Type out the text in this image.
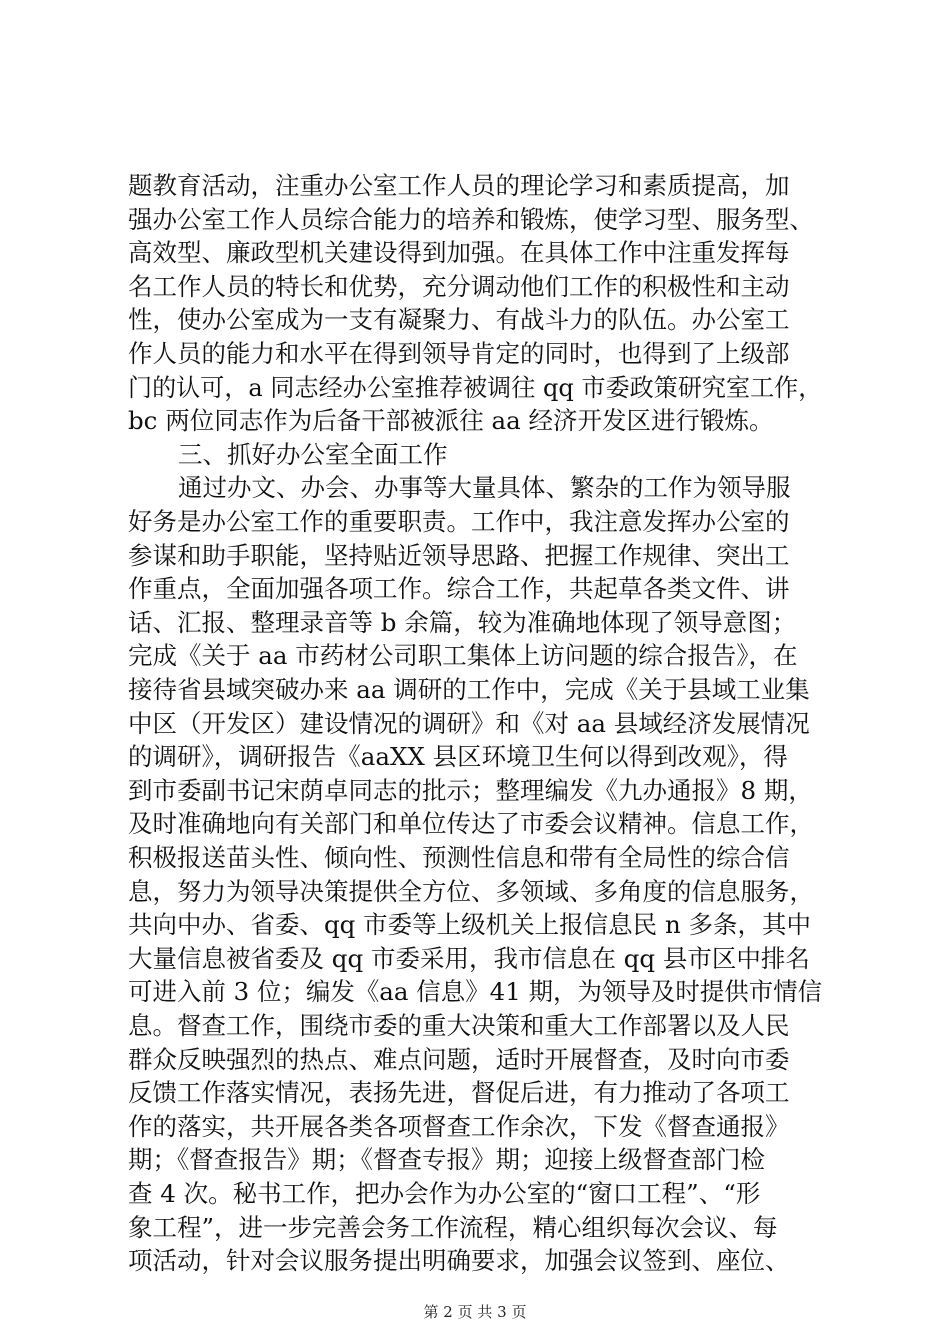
题教育活动，注重办公室工作人员的理论学习和素质提高，加
强办公室工作人员综合能力的培养和锻炼，使学习型、服务型、
高效型、廉政型机关建设得到加强。在具体工作中注重发挥每
名工作人员的特长和优势，充分调动他们工作的积极性和主动
性，使办公室成为一支有凝聚力、有战斗力的队伍。办公室工
作人员的能力和水平在得到领导肯定的同时，也得到了上级部
门的认可，a 同志经办公室推荐被调往 qq 市委政策研究室工作，
bc 两位同志作为后备干部被派往 aa 经济开发区进行锻炼。
三、抓好办公室全面工作
通过办文、办会、办事等大量具体、繁杂的工作为领导服
好务是办公室工作的重要职责。工作中，我注意发挥办公室的
参谋和助手职能，坚持贴近领导思路、把握工作规律、突出工
作重点，全面加强各项工作。综合工作，共起草各类文件、讲
话、汇报、整理录音等 b 余篇，较为准确地体现了领导意图；
完成《关于 aa 市药材公司职工集体上访问题的综合报告》，在
接待省县域突破办来 aa 调研的工作中，完成《关于县域工业集
中区（开发区）建设情况的调研》和《对 aa 县域经济发展情况
的调研》，调研报告《aaXX 县区环境卫生何以得到改观》，得
到市委副书记宋荫卓同志的批示；整理编发《九办通报》8 期，
及时准确地向有关部门和单位传达了市委会议精神。信息工作，
积极报送苗头性、倾向性、预测性信息和带有全局性的综合信
息，努力为领导决策提供全方位、多领域、多角度的信息服务，
共向中办、省委、qq 市委等上级机关上报信息民 n 多条，其中
大量信息被省委及 qq 市委采用，我市信息在 qq 县市区中排名
可进入前 3 位；编发《aa 信息》41 期，为领导及时提供市情信
息。督查工作，围绕市委的重大决策和重大工作部署以及人民
群众反映强烈的热点、难点问题，适时开展督查，及时向市委
反馈工作落实情况，表扬先进，督促后进，有力推动了各项工
作的落实，共开展各类各项督查工作余次，下发《督查通报》
期；《督查报告》期；《督查专报》期；迎接上级督查部门检
查 4 次。秘书工作，把办会作为办公室的“窗口工程”、“形
象工程”，进一步完善会务工作流程，精心组织每次会议、每
项活动，针对会议服务提出明确要求，加强会议签到、座位、
第 2 页 共 3 页
